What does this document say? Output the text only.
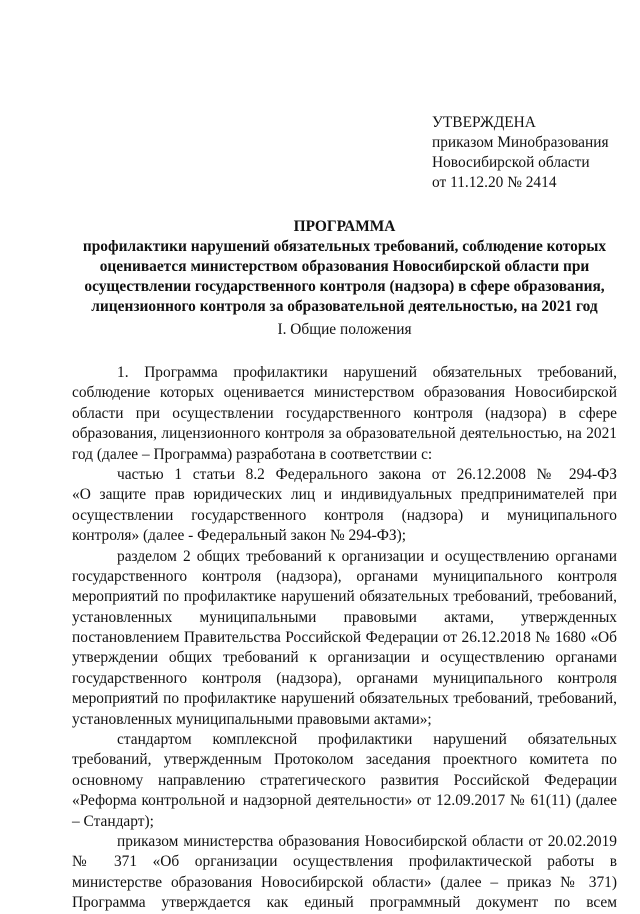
УТВЕРЖДЕНА
приказом Минобразования
Новосибирской области
от 11.12.20 № 2414
ПРОГРАММА
профилактики нарушений обязательных требований, соблюдение которых
оценивается министерством образования Новосибирской области при
осуществлении государственного контроля (надзора) в сфере образования,
лицензионного контроля за образовательной деятельностью, на 2021 год
I. Общие положения
1. Программа профилактики нарушений обязательных требований,
соблюдение которых оценивается министерством образования Новосибирской
области при осуществлении государственного контроля (надзора) в сфере
образования, лицензионного контроля за образовательной деятельностью, на 2021
год (далее – Программа) разработана в соответствии с:
частью 1 статьи 8.2 Федерального закона от 26.12.2008 № 294-ФЗ
«О защите прав юридических лиц и индивидуальных предпринимателей при
осуществлении государственного контроля (надзора) и муниципального
контроля» (далее - Федеральный закон № 294-ФЗ);
разделом 2 общих требований к организации и осуществлению органами
государственного контроля (надзора), органами муниципального контроля
мероприятий по профилактике нарушений обязательных требований, требований,
установленных муниципальными правовыми актами, утвержденных
постановлением Правительства Российской Федерации от 26.12.2018 № 1680 «Об
утверждении общих требований к организации и осуществлению органами
государственного контроля (надзора), органами муниципального контроля
мероприятий по профилактике нарушений обязательных требований, требований,
установленных муниципальными правовыми актами»;
стандартом комплексной профилактики нарушений обязательных
требований, утвержденным Протоколом заседания проектного комитета по
основному направлению стратегического развития Российской Федерации
«Реформа контрольной и надзорной деятельности» от 12.09.2017 № 61(11) (далее
– Стандарт);
приказом министерства образования Новосибирской области от 20.02.2019
№ 371 «Об организации осуществления профилактической работы в
министерстве образования Новосибирской области» (далее – приказ № 371)
Программа утверждается как единый программный документ по всем
